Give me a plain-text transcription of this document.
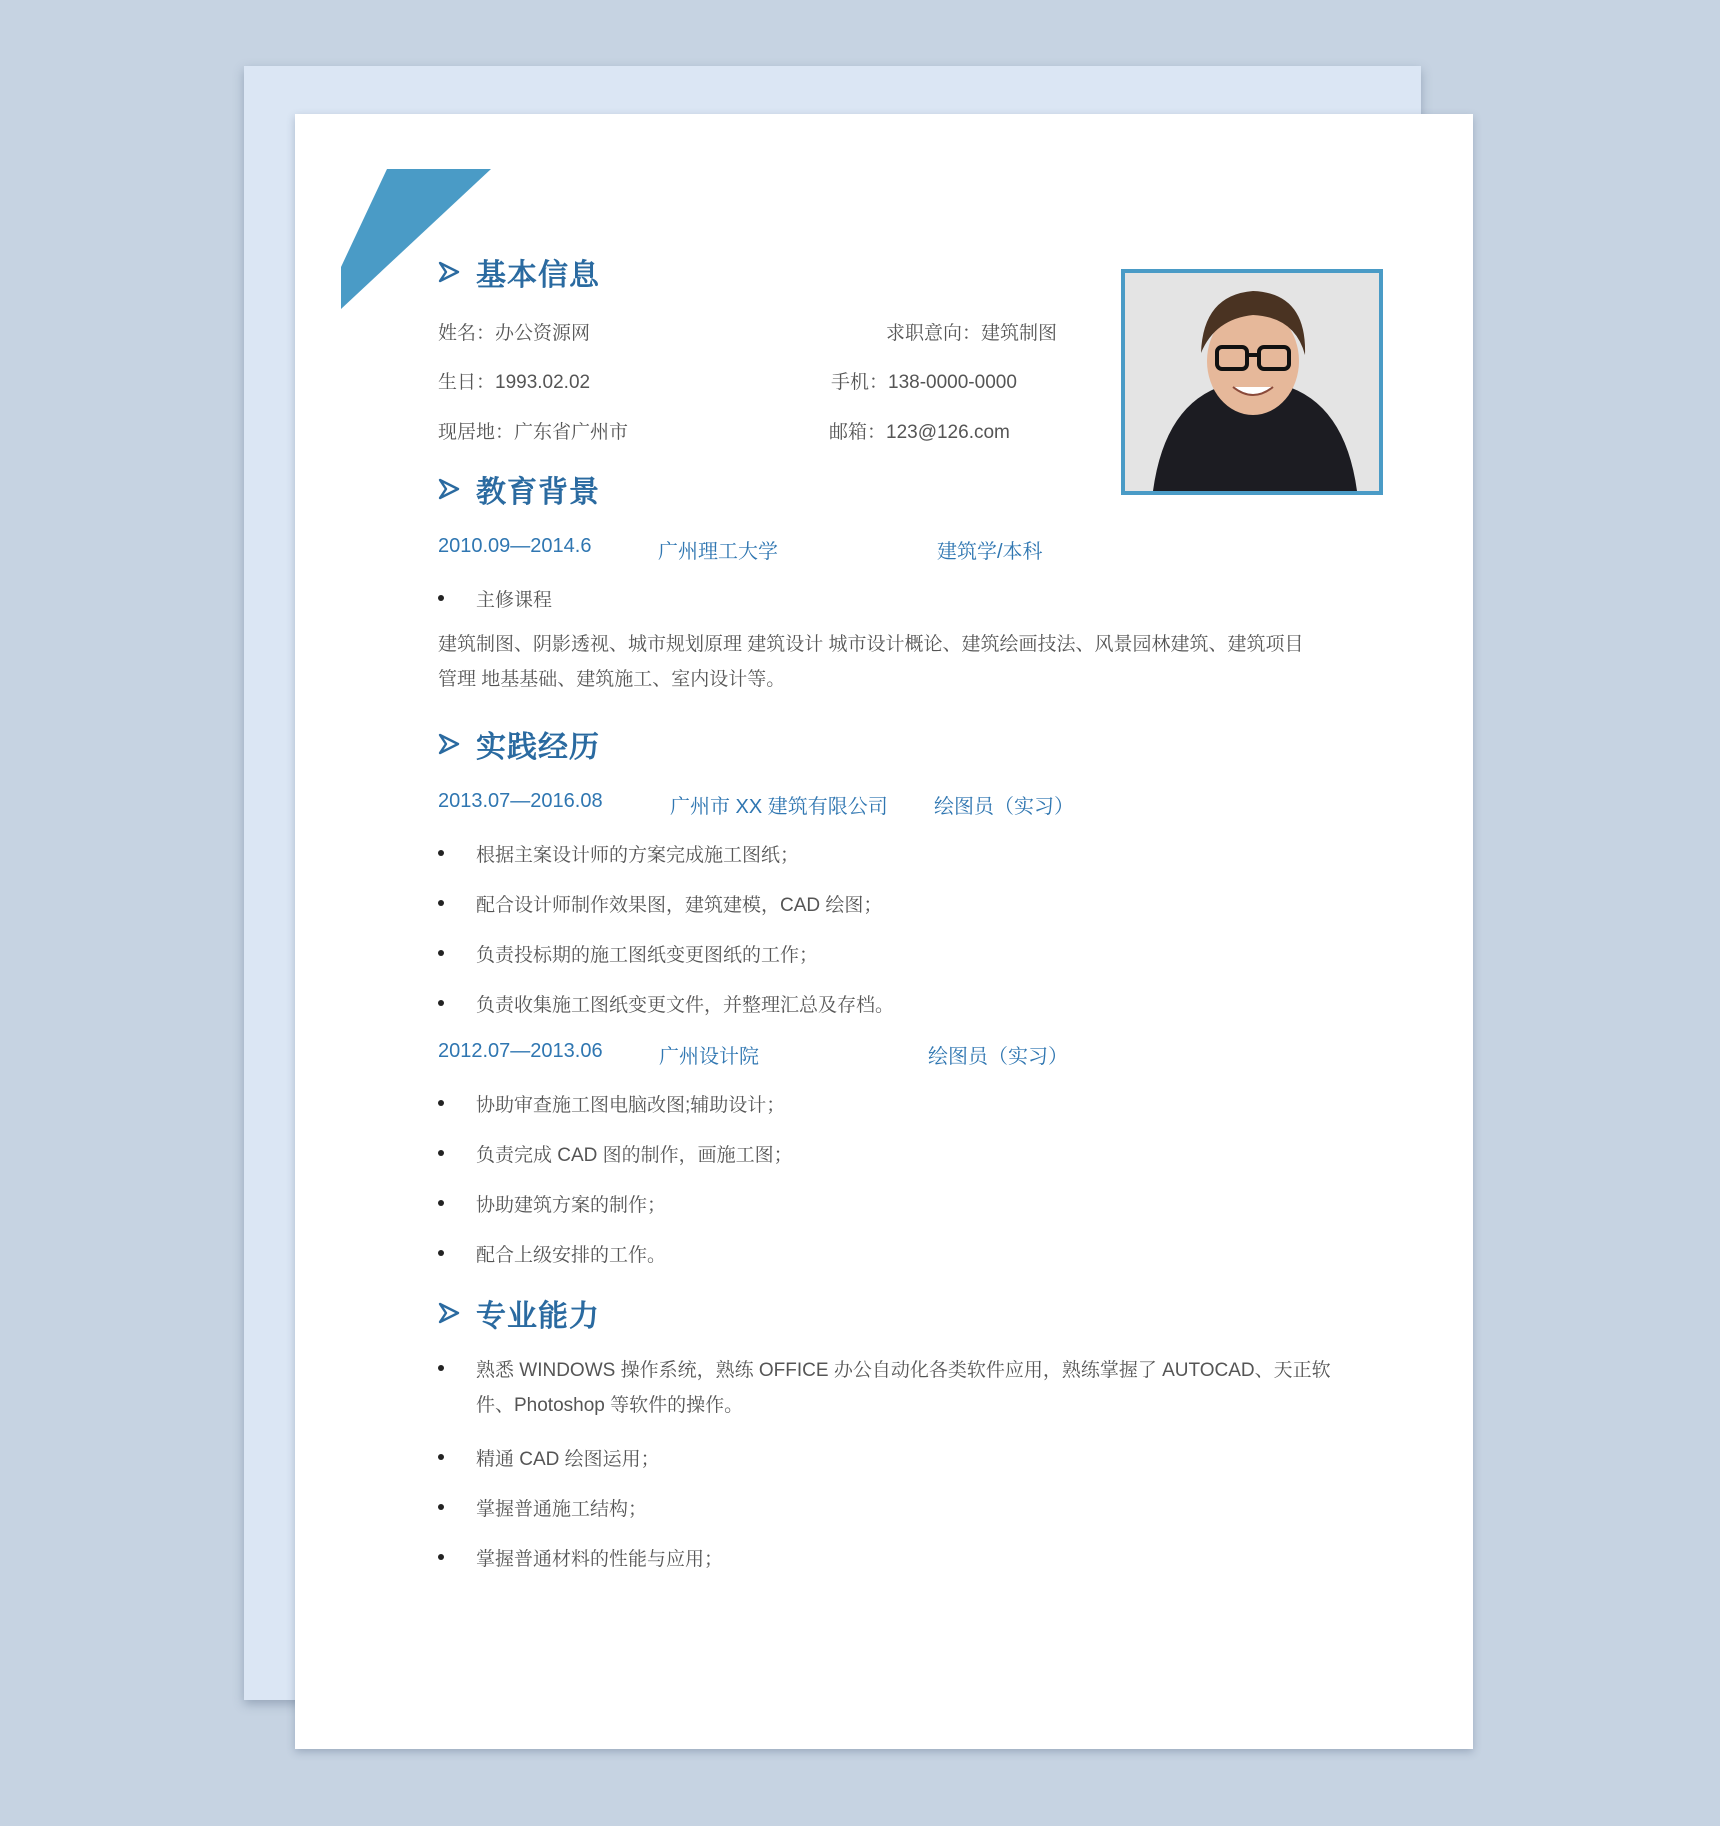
基本信息
姓名：办公资源网	求职意向：建筑制图
生日：1993.02.02	手机：138-0000-0000
现居地：广东省广州市	邮箱：123@126.com
教育背景
2010.09—2014.6	广州理工大学	建筑学/本科
主修课程
建筑制图、阴影透视、城市规划原理 建筑设计 城市设计概论、建筑绘画技法、风景园林建筑、建筑项目
管理 地基基础、建筑施工、室内设计等。
实践经历
2013.07—2016.08	广州市 XX 建筑有限公司 绘图员（实习）
根据主案设计师的方案完成施工图纸；
配合设计师制作效果图，建筑建模，CAD 绘图；
负责投标期的施工图纸变更图纸的工作；
负责收集施工图纸变更文件，并整理汇总及存档。
2012.07—2013.06	广州设计院	绘图员（实习）
协助审查施工图电脑改图;辅助设计；
负责完成 CAD 图的制作，画施工图；
协助建筑方案的制作；
配合上级安排的工作。
专业能力
熟悉 WINDOWS 操作系统，熟练 OFFICE 办公自动化各类软件应用，熟练掌握了 AUTOCAD、天正软件、Photoshop 等软件的操作。
精通 CAD 绘图运用；
掌握普通施工结构；
掌握普通材料的性能与应用；
